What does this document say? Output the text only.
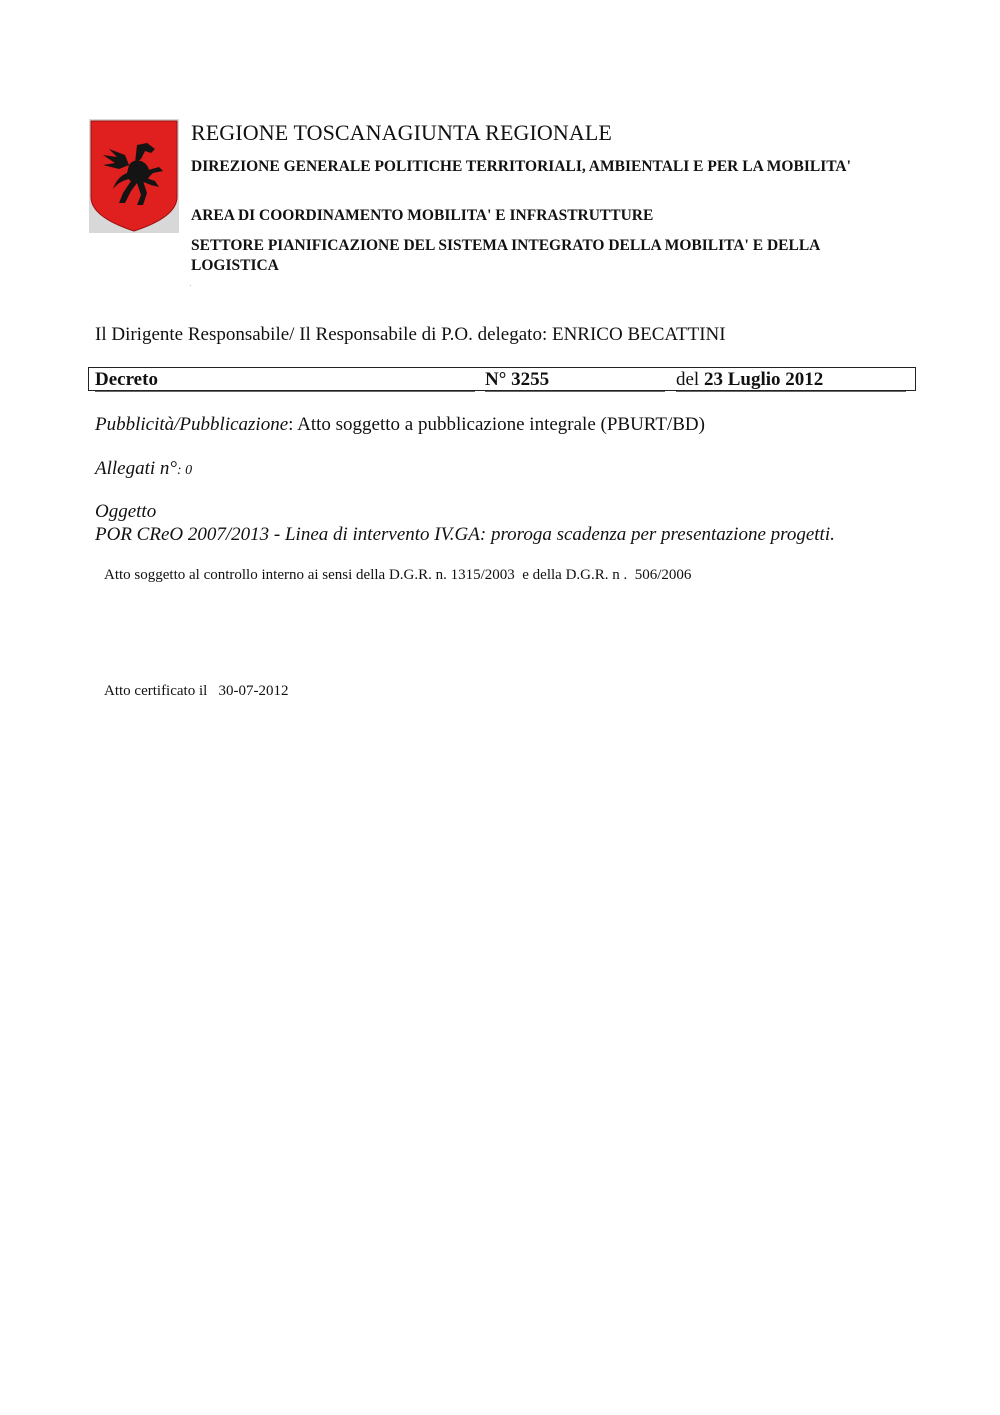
REGIONE TOSCANAGIUNTA REGIONALE
DIREZIONE GENERALE POLITICHE TERRITORIALI, AMBIENTALI E PER LA MOBILITA'
AREA DI COORDINAMENTO MOBILITA' E INFRASTRUTTURE
SETTORE PIANIFICAZIONE DEL SISTEMA INTEGRATO DELLA MOBILITA' E DELLA LOGISTICA
Il Dirigente Responsabile/ Il Responsabile di P.O. delegato: ENRICO BECATTINI
Decreto	N° 3255	del 23 Luglio 2012
Pubblicità/Pubblicazione: Atto soggetto a pubblicazione integrale (PBURT/BD)
Allegati n°: 0
Oggetto
POR CReO 2007/2013 - Linea di intervento IV.GA: proroga scadenza per presentazione progetti.
Atto soggetto al controllo interno ai sensi della D.G.R. n. 1315/2003  e della D.G.R. n .  506/2006
Atto certificato il   30-07-2012
